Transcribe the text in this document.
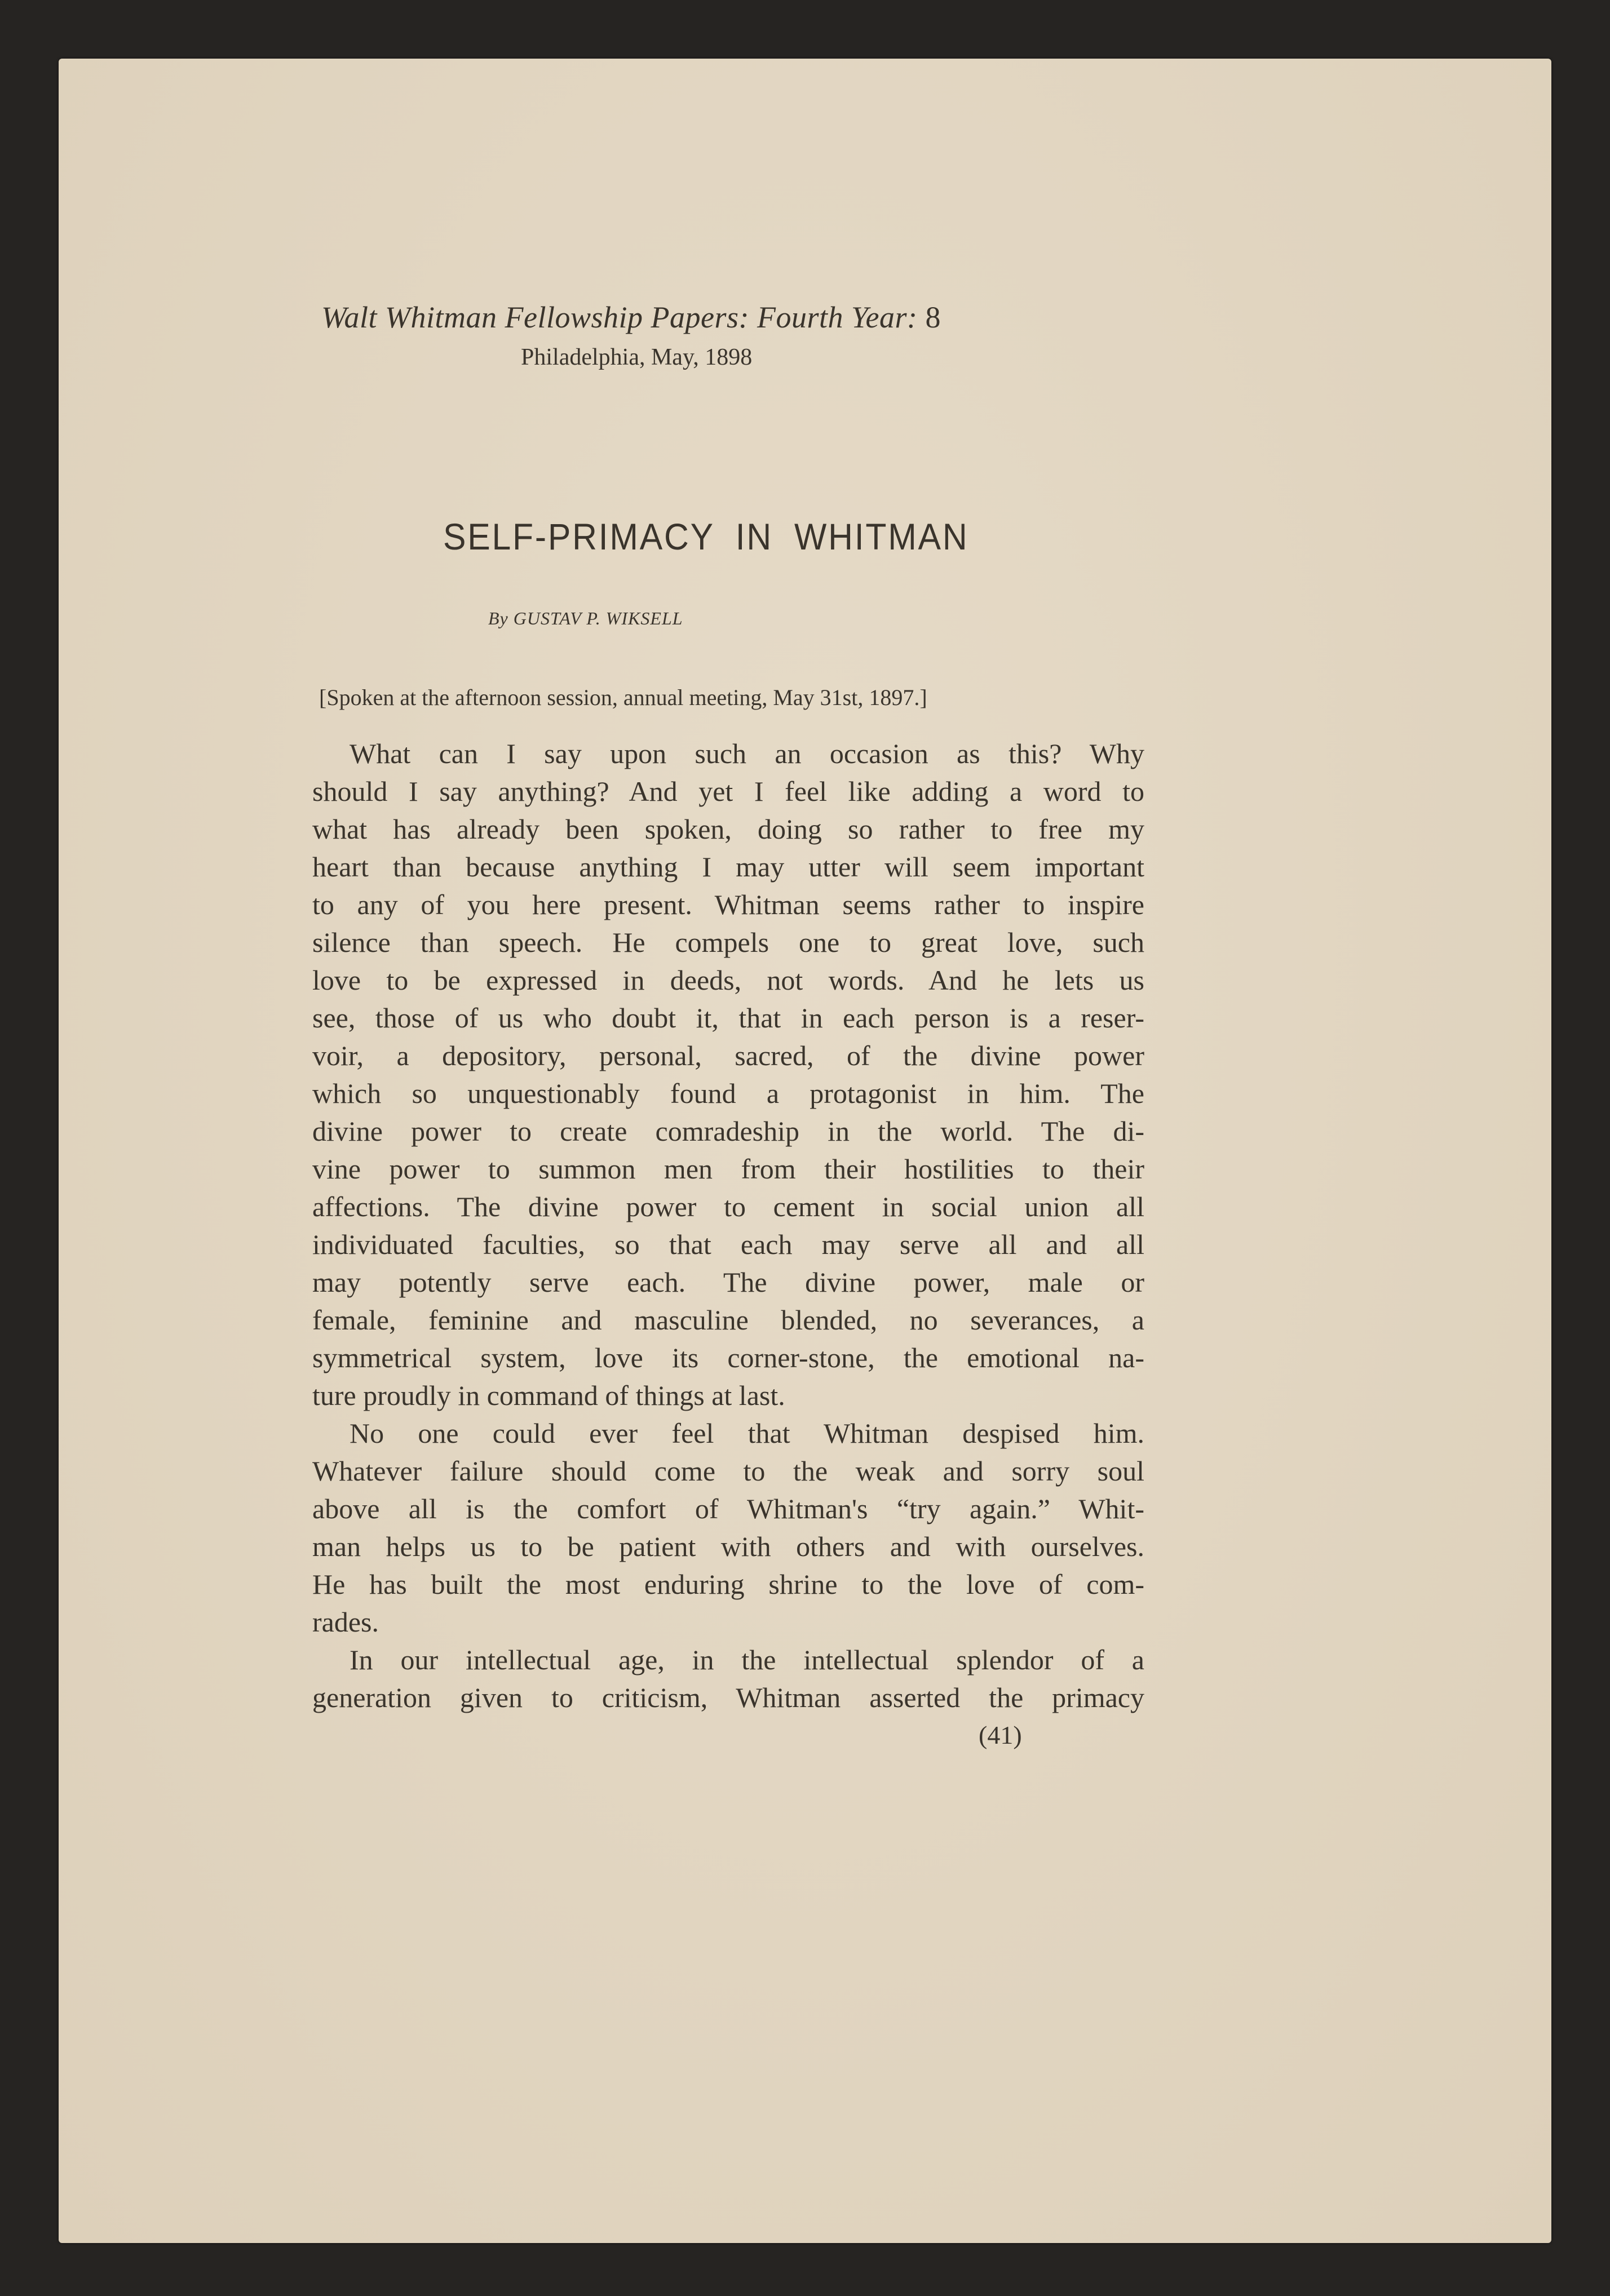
Walt Whitman Fellowship Papers: Fourth Year: 8
Philadelphia, May, 1898
SELF-PRIMACY IN WHITMAN
By GUSTAV P. WIKSELL
[Spoken at the afternoon session, annual meeting, May 31st, 1897.]
What can I say upon such an occasion as this? Why
should I say anything? And yet I feel like adding a word to
what has already been spoken, doing so rather to free my
heart than because anything I may utter will seem important
to any of you here present. Whitman seems rather to inspire
silence than speech. He compels one to great love, such
love to be expressed in deeds, not words. And he lets us
see, those of us who doubt it, that in each person is a reser-
voir, a depository, personal, sacred, of the divine power
which so unquestionably found a protagonist in him. The
divine power to create comradeship in the world. The di-
vine power to summon men from their hostilities to their
affections. The divine power to cement in social union all
individuated faculties, so that each may serve all and all
may potently serve each. The divine power, male or
female, feminine and masculine blended, no severances, a
symmetrical system, love its corner-stone, the emotional na-
ture proudly in command of things at last.
No one could ever feel that Whitman despised him.
Whatever failure should come to the weak and sorry soul
above all is the comfort of Whitman's “try again.” Whit-
man helps us to be patient with others and with ourselves.
He has built the most enduring shrine to the love of com-
rades.
In our intellectual age, in the intellectual splendor of a
generation given to criticism, Whitman asserted the primacy
(41)
